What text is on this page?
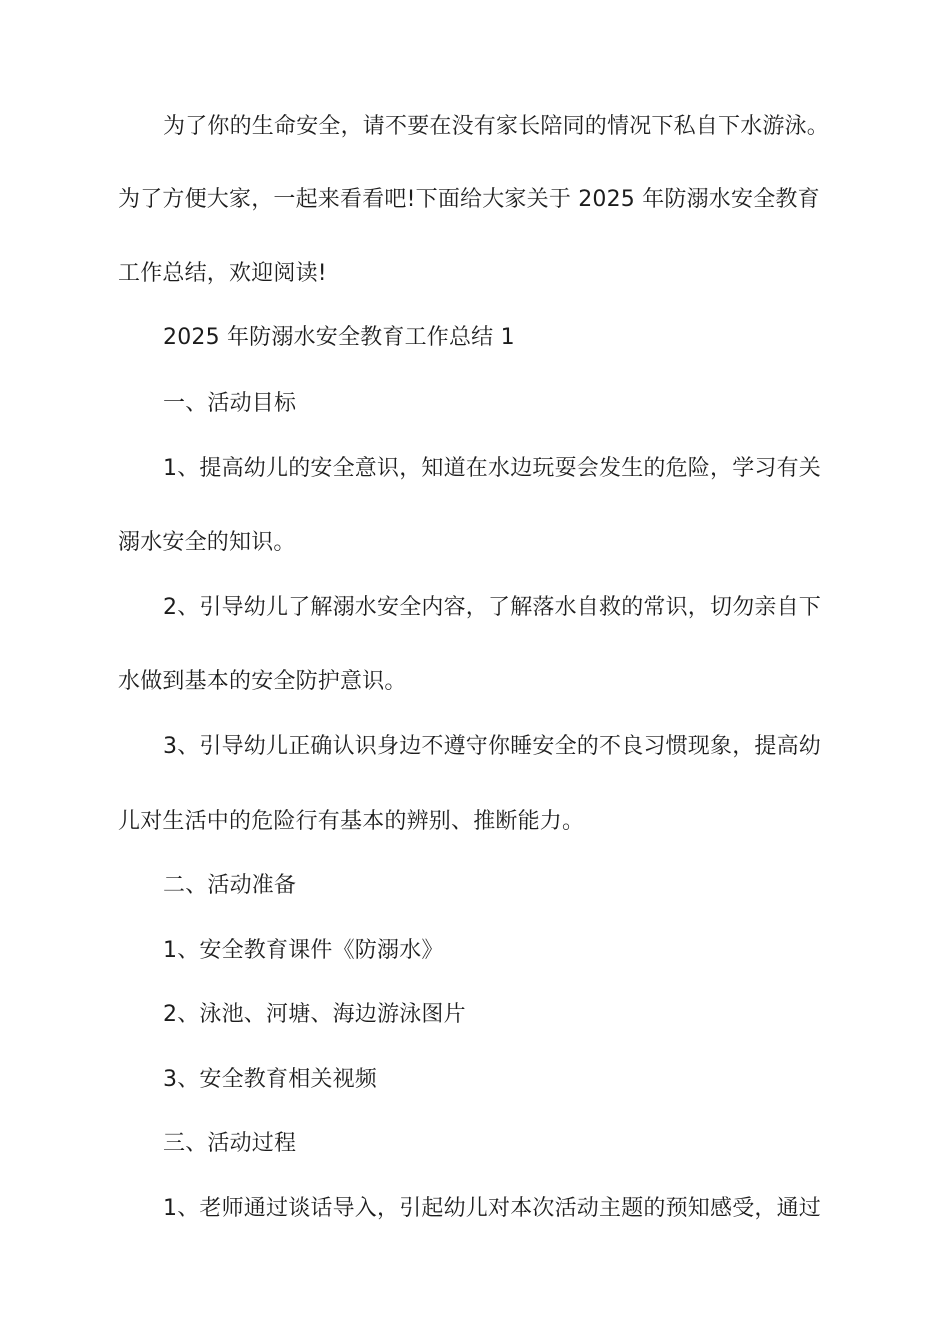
为了你的生命安全，请不要在没有家长陪同的情况下私自下水游泳。
为了方便大家，一起来看看吧!下面给大家关于 2025 年防溺水安全教育
工作总结，欢迎阅读!
2025 年防溺水安全教育工作总结 1
一、活动目标
1、提高幼儿的安全意识，知道在水边玩耍会发生的危险，学习有关
溺水安全的知识。
2、引导幼儿了解溺水安全内容，了解落水自救的常识，切勿亲自下
水做到基本的安全防护意识。
3、引导幼儿正确认识身边不遵守你睡安全的不良习惯现象，提高幼
儿对生活中的危险行有基本的辨别、推断能力。
二、活动准备
1、安全教育课件《防溺水》
2、泳池、河塘、海边游泳图片
3、安全教育相关视频
三、活动过程
1、老师通过谈话导入，引起幼儿对本次活动主题的预知感受，通过
